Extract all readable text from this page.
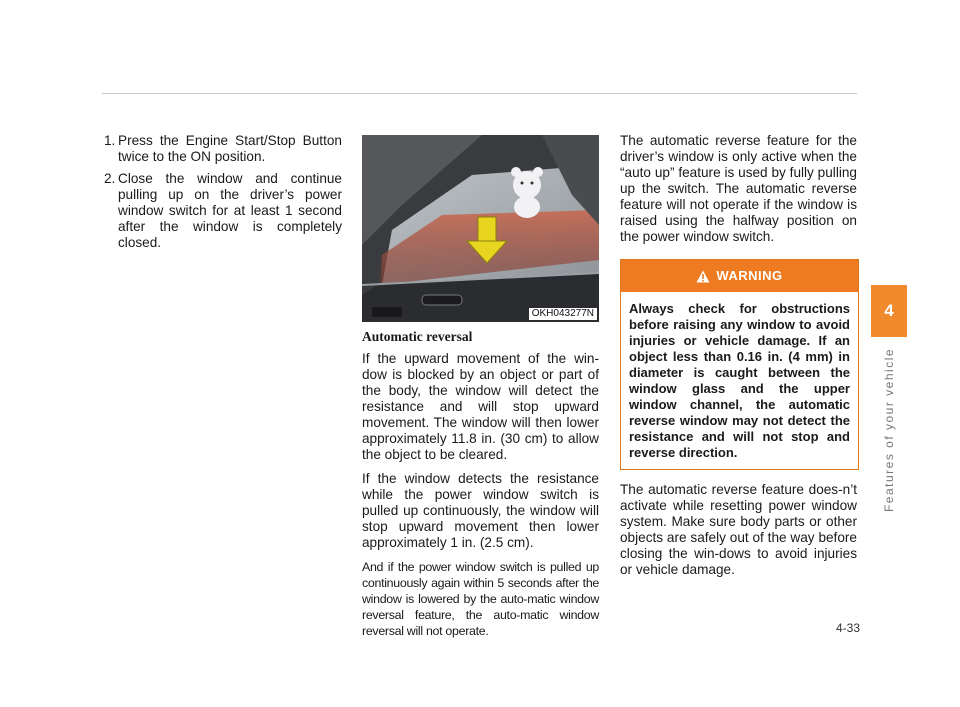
1. Press the Engine Start/Stop Button twice to the ON position.
2. Close the window and continue pulling up on the driver’s power window switch for at least 1 second after the window is completely closed.
OKH043277N
Automatic reversal

If the upward movement of the win-dow is blocked by an object or part of the body, the window will detect the resistance and will stop upward movement. The window will then lower approximately 11.8 in. (30 cm) to allow the object to be cleared.

If the window detects the resistance while the power window switch is pulled up continuously, the window will stop upward movement then lower approximately 1 in. (2.5 cm).

And if the power window switch is pulled up continuously again within 5 seconds after the window is lowered by the auto-matic window reversal feature, the auto-matic window reversal will not operate.

The automatic reverse feature for the driver’s window is only active when the “auto up” feature is used by fully pulling up the switch. The automatic reverse feature will not operate if the window is raised using the halfway position on the power window switch.

WARNING
Always check for obstructions before raising any window to avoid injuries or vehicle damage. If an object less than 0.16 in. (4 mm) in diameter is caught between the window glass and the upper window channel, the automatic reverse window may not detect the resistance and will not stop and reverse direction.

The automatic reverse feature does-n’t activate while resetting power window system. Make sure body parts or other objects are safely out of the way before closing the win-dows to avoid injuries or vehicle damage.

4
Features of your vehicle
4-33
